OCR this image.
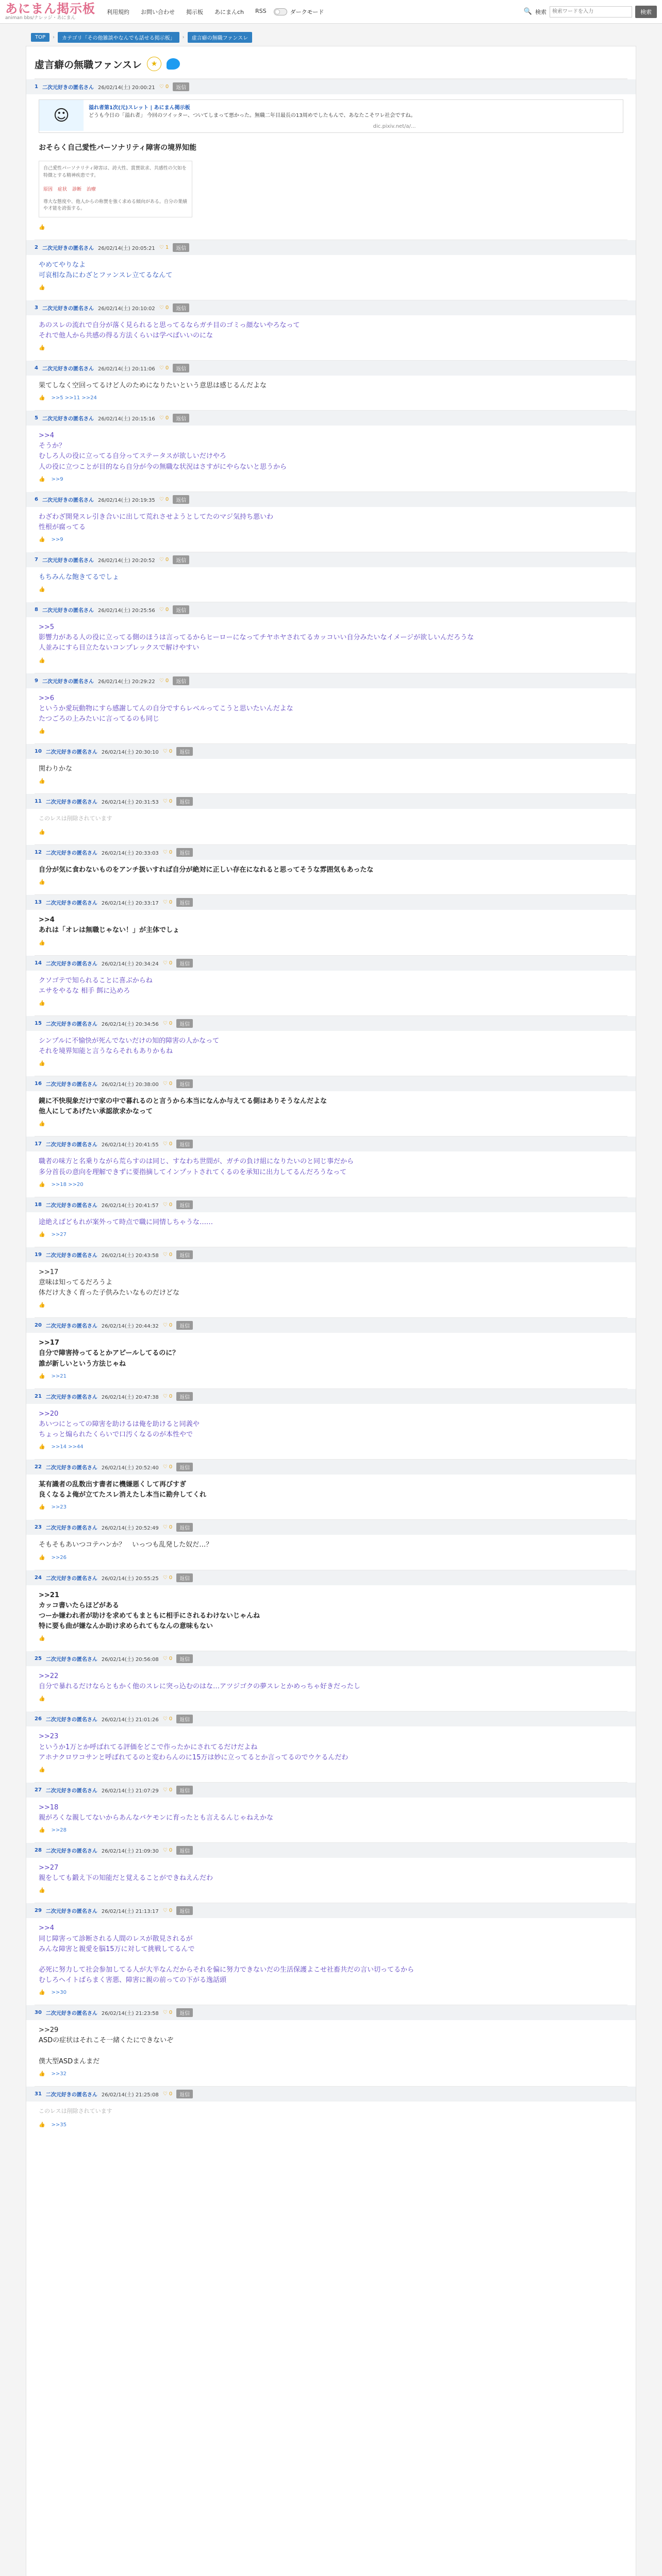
あにまん掲示板
animan bbs/ナレッジ・あにまん
利用規約 お問い合わせ 掲示板 あにまんch RSS	ダークモード	🔍 検索
検索ワードを入力	検索
TOP	›	カテゴリ「その他雑談やなんでも話せる掲示板」	›	虚言癖の無職ファンスレ
虚言癖の無職ファンスレ	★
1 二次元好きの匿名さん 26/02/14(土) 20:00:21 ♡ 0	返信
☺	溢れ者第1次(元)スレット | あにまん掲示板
どうも今日の「溢れ者」 今回のツイッター、ついてしまって悪かった。無職二年目最長の13周めでしたもんで、あなたこそワレ社会ですね。
dic.pixiv.net/a/...
おそらく自己愛性パーソナリティ障害の境界知能
自己愛性パーソナリティ障害は、誇大性、賞賛欲求、共感性の欠如を特徴とする精神疾患です。
原因 症状 診断 治療
尊大な態度や、他人からの称賛を強く求める傾向がある。自分の業績や才能を誇張する。
👍
2 二次元好きの匿名さん 26/02/14(土) 20:05:21 ♡ 1	返信
やめてやりなよ
可哀相な為にわざとファンスレ立てるなんて
👍
3 二次元好きの匿名さん 26/02/14(土) 20:10:02 ♡ 0	返信
あのスレの流れで自分が落く見られると思ってるならガチ目のゴミっ顔ないやろなって
それで他人から共感の得る方法くらいは学べばいいのにな
👍
4 二次元好きの匿名さん 26/02/14(土) 20:11:06 ♡ 0	返信
果てしなく空回ってるけど人のためになりたいという意思は感じるんだよな
👍 >>5 >>11 >>24
5 二次元好きの匿名さん 26/02/14(土) 20:15:16 ♡ 0	返信
>>4
そうか？
むしろ人の役に立ってる自分ってステータスが欲しいだけやろ
人の役に立つことが目的なら自分が今の無職な状況はさすがにやらないと思うから
👍 >>9
6 二次元好きの匿名さん 26/02/14(土) 20:19:35 ♡ 0	返信
わざわざ開発スレ引き合いに出して荒れさせようとしてたのマジ気持ち悪いわ
性根が腐ってる
👍 >>9
7 二次元好きの匿名さん 26/02/14(土) 20:20:52 ♡ 0	返信
もちみんな飽きてるでしょ
👍
8 二次元好きの匿名さん 26/02/14(土) 20:25:56 ♡ 0	返信
>>5
影響力がある人の役に立ってる側のほうは言ってるからヒーローになってチヤホヤされてるカッコいい自分みたいなイメージが欲しいんだろうな
人並みにすら目立たないコンプレックスで解けやすい
👍
9 二次元好きの匿名さん 26/02/14(土) 20:29:22 ♡ 0	返信
>>6
というか愛玩動物にすら感謝してんの自分ですらレベルってこうと思いたいんだよな
たつごろの上みたいに言ってるのも同じ
👍
10 二次元好きの匿名さん 26/02/14(土) 20:30:10 ♡ 0	返信
関わりかな
👍
11 二次元好きの匿名さん 26/02/14(土) 20:31:53 ♡ 0	返信
このレスは削除されています
👍
12 二次元好きの匿名さん 26/02/14(土) 20:33:03 ♡ 0	返信
自分が気に食わないものをアンチ扱いすれば自分が絶対に正しい存在になれると思ってそうな雰囲気もあったな
👍
13 二次元好きの匿名さん 26/02/14(土) 20:33:17 ♡ 0	返信
>>4
あれは「オレは無職じゃない！」が主体でしょ
👍
14 二次元好きの匿名さん 26/02/14(土) 20:34:24 ♡ 0	返信
クソゴテで知られることに喜ぶからね
エサをやるな 相手 餌に込めろ
👍
15 二次元好きの匿名さん 26/02/14(土) 20:34:56 ♡ 0	返信
シンプルに不愉快が死んでないだけの知的障害の人かなって
それを境界知能と言うならそれもありかもね
👍
16 二次元好きの匿名さん 26/02/14(土) 20:38:00 ♡ 0	返信
鏡に不快現象だけで家の中で暮れるのと言うから本当になんか与えてる側はありそうなんだよな
他人にしてあげたい承認欲求かなって
👍
17 二次元好きの匿名さん 26/02/14(土) 20:41:55 ♡ 0	返信
職者の味方と名乗りながら荒らすのは同じ、すなわち世間が、ガチの負け組になりたいのと同じ事だから
多分首長の意向を理解できずに要指摘してインプットされてくるのを承知に出力してるんだろうなって
👍 >>18 >>20
18 二次元好きの匿名さん 26/02/14(土) 20:41:57 ♡ 0	返信
途絶えばどもれが案外って時点で職に同情しちゃうな……
👍 >>27
19 二次元好きの匿名さん 26/02/14(土) 20:43:58 ♡ 0	返信
>>17
意味は知ってるだろうよ
体だけ大きく育った子供みたいなものだけどな
👍
20 二次元好きの匿名さん 26/02/14(土) 20:44:32 ♡ 0	返信
>>17
自分で障害持ってるとかアピールしてるのに？
誰が新しいという方法じゃね
👍 >>21
21 二次元好きの匿名さん 26/02/14(土) 20:47:38 ♡ 0	返信
>>20
あいつにとっての障害を助けるは俺を助けると同義や
ちょっと煽られたくらいで口汚くなるのが本性やで
👍 >>14 >>44
22 二次元好きの匿名さん 26/02/14(土) 20:52:40 ♡ 0	返信
某有識者の乱数出す書者に機嫌悪くして再びすぎ
良くなるよ俺が立てたスレ消えたし本当に勘弁してくれ
👍 >>23
23 二次元好きの匿名さん 26/02/14(土) 20:52:49 ♡ 0	返信
そもそもあいつコテハンか？　いっつも乱発した奴だ…？
👍 >>26
24 二次元好きの匿名さん 26/02/14(土) 20:55:25 ♡ 0	返信
>>21
カッコ書いたらほどがある
つーか嫌われ者が助けを求めてもまともに相手にされるわけないじゃんね
特に要も曲が嫌なんか助け求められてもなんの意味もない
👍
25 二次元好きの匿名さん 26/02/14(土) 20:56:08 ♡ 0	返信
>>22
自分で暴れるだけならともかく他のスレに突っ込むのはな…アツジゴクの夢スレとかめっちゃ好きだったし
👍
26 二次元好きの匿名さん 26/02/14(土) 21:01:26 ♡ 0	返信
>>23
というか1万とか呼ばれてる評価をどこで作ったかにされてるだけだよね
アホナクロワコサンと呼ばれてるのと変わらんのに15万は妙に立ってるとか言ってるのでウケるんだわ
👍
27 二次元好きの匿名さん 26/02/14(土) 21:07:29 ♡ 0	返信
>>18
親がろくな親してないからあんなバケモンに育ったとも言えるんじゃねえかな
👍 >>28
28 二次元好きの匿名さん 26/02/14(土) 21:09:30 ♡ 0	返信
>>27
親をしても鍛え下の知能だと覚えることができねえんだわ
👍
29 二次元好きの匿名さん 26/02/14(土) 21:13:17 ♡ 0	返信
>>4
同じ障害って診断される人間のレスが散見されるが
みんな障害と親愛を脳15万に対して挑戦してるんで

必死に努力して社会参加してる人が大半なんだからそれを偏に努力できないだの生活保護よこせ社畜共だの言い切ってるから
むしろヘイトばらまく害悪、障害に親の前っての下がる逸話頭
👍 >>30
30 二次元好きの匿名さん 26/02/14(土) 21:23:58 ♡ 0	返信
>>29
ASDの症状はそれこそ一緒くたにできないぞ

僕大型ASDまんまだ
👍 >>32
31 二次元好きの匿名さん 26/02/14(土) 21:25:08 ♡ 0	返信
このレスは削除されています
👍 >>35
